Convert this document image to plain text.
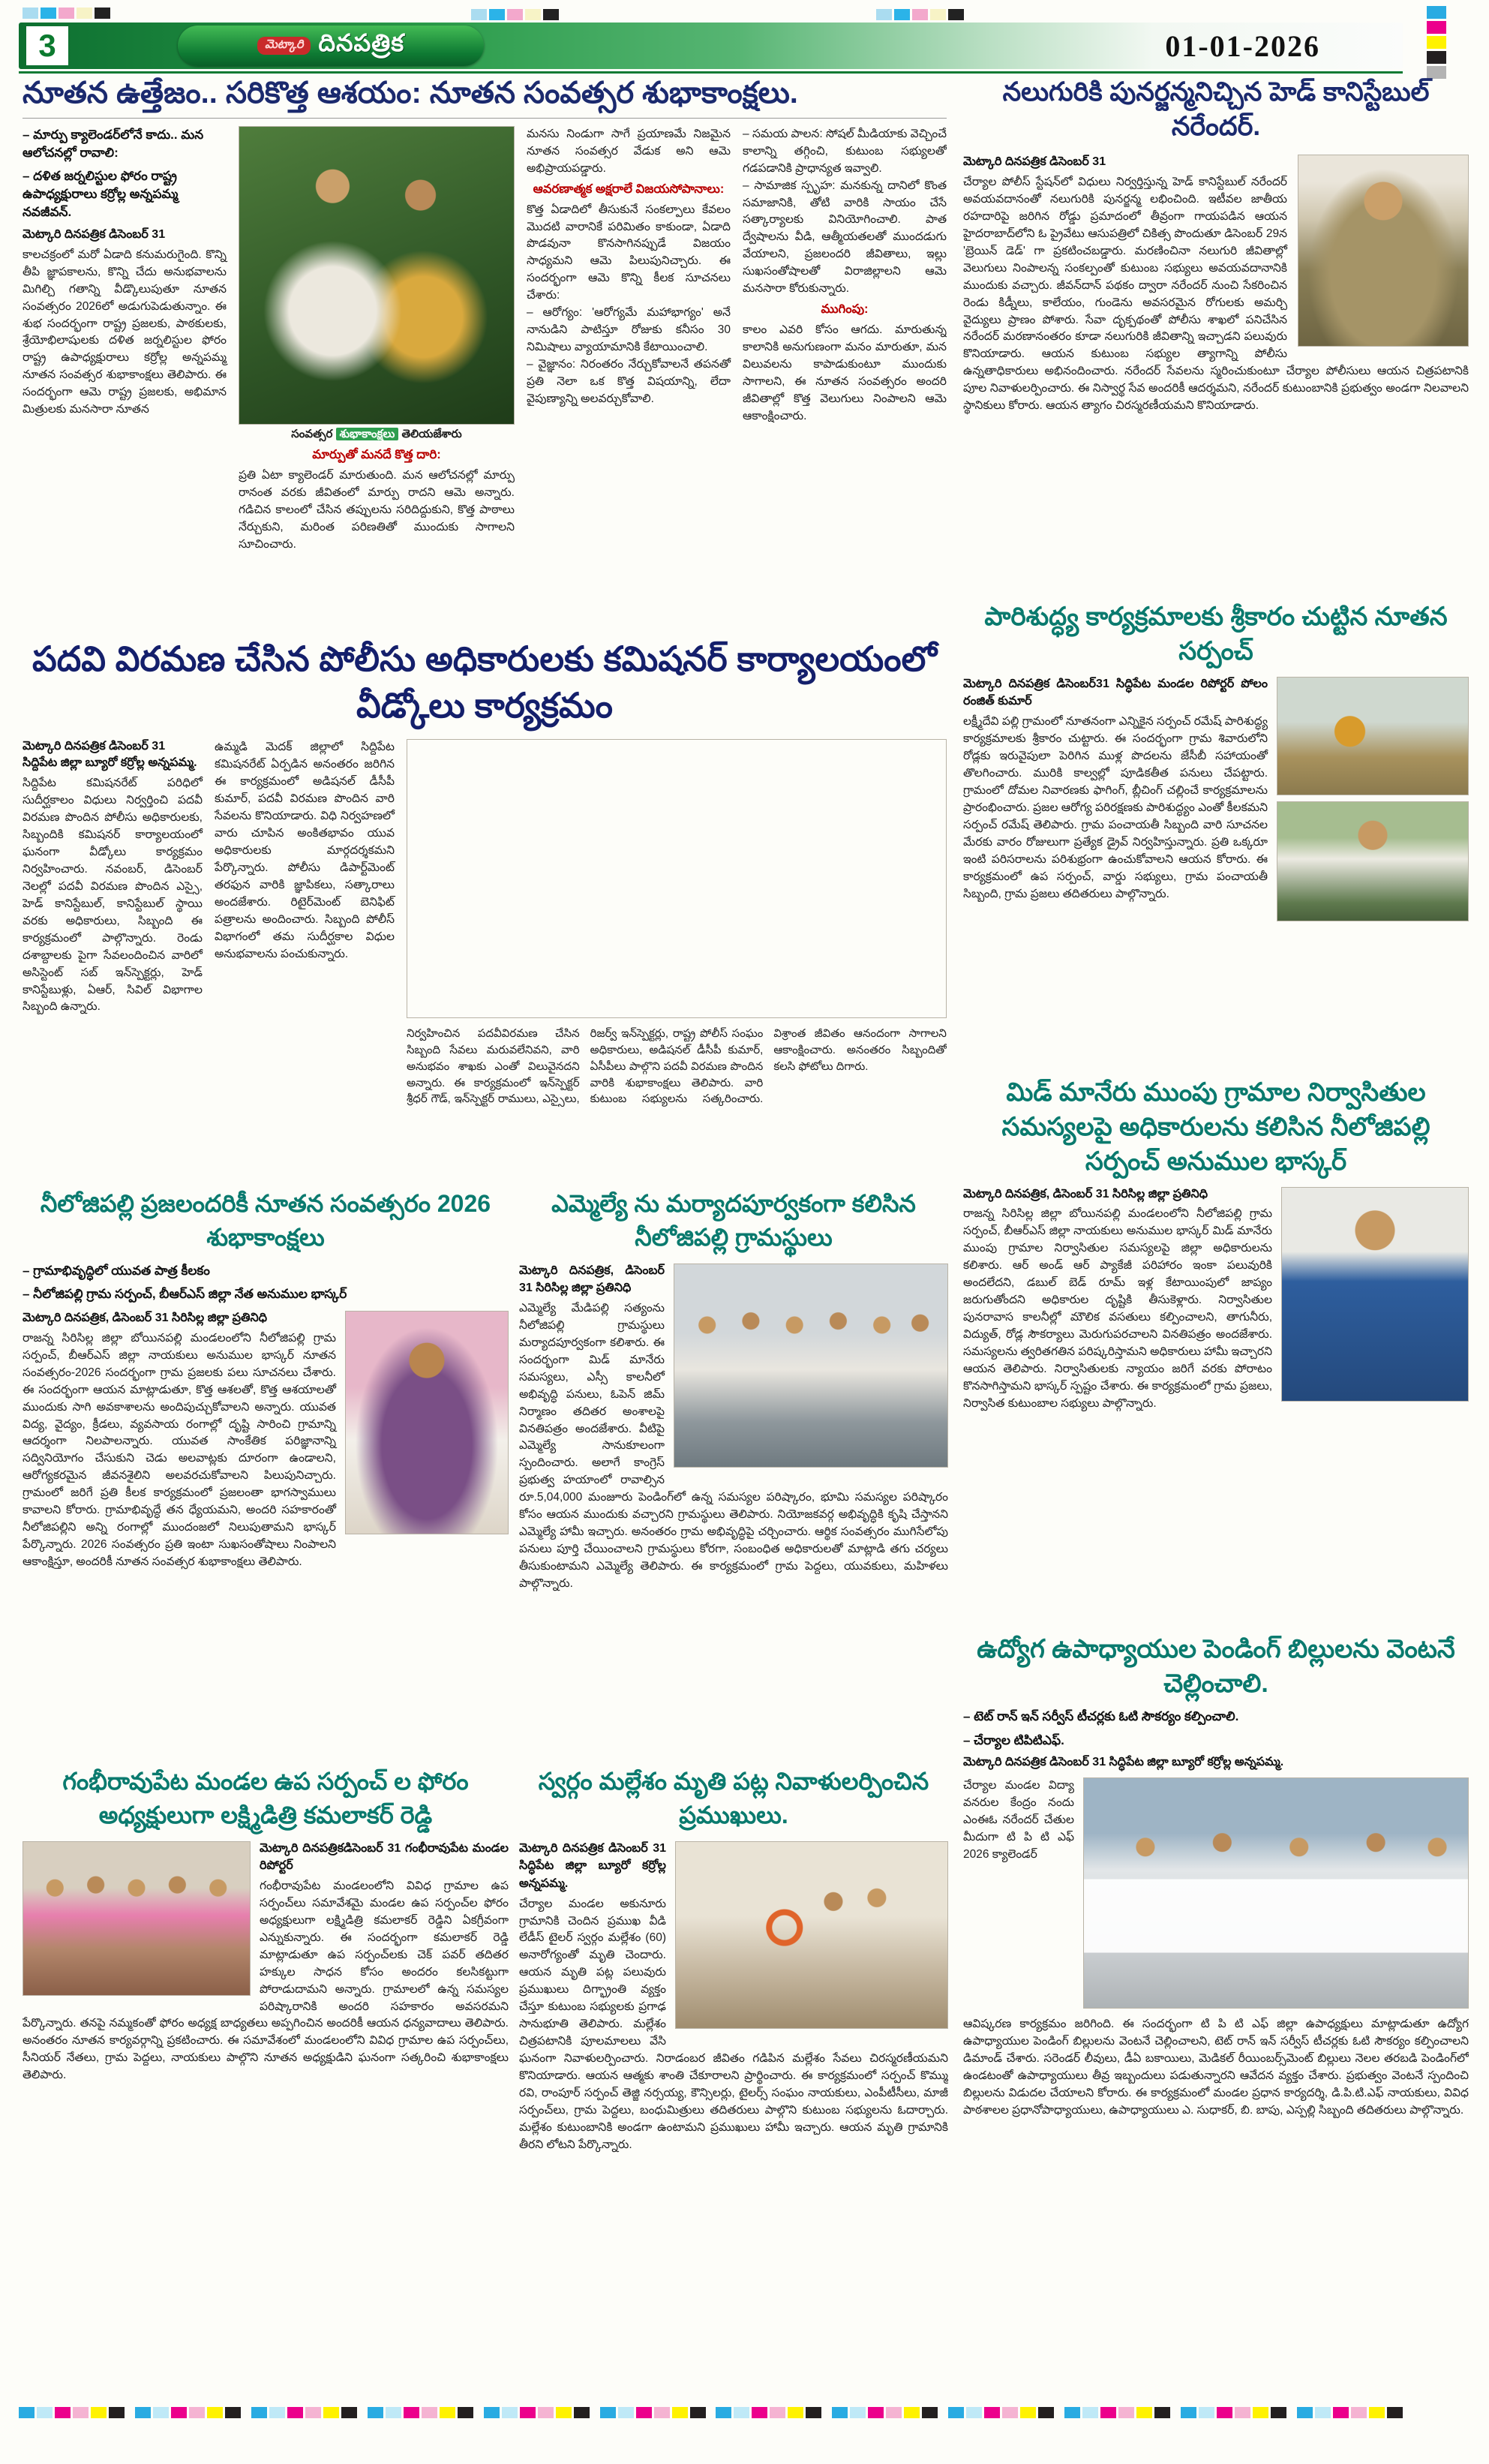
3	మెట్కారి దినపత్రిక	01-01-2026
నూతన ఉత్తేజం.. సరికొత్త ఆశయం: నూతన సంవత్సర శుభాకాంక్షలు.
– మార్పు క్యాలెండర్‌లోనే కాదు.. మన ఆలోచనల్లో రావాలి:
– దళిత జర్నలిస్టుల ఫోరం రాష్ట్ర ఉపాధ్యక్షురాలు కర్రోల్ల అన్నపమ్మ నవజీవన్.
మెట్కారి దినపత్రిక డిసెంబర్ 31

కాలచక్రంలో మరో ఏడాది కనుమరుగైంది. కొన్ని తీపి జ్ఞాపకాలను, కొన్ని చేదు అనుభవాలను మిగిల్చి గతాన్ని వీడ్కొలుపుతూ నూతన సంవత్సరం 2026లో అడుగుపెడుతున్నాం. ఈ శుభ సందర్భంగా రాష్ట్ర ప్రజలకు, పాఠకులకు, శ్రేయోభిలాషులకు దళిత జర్నలిస్టుల ఫోరం రాష్ట్ర ఉపాధ్యక్షురాలు కర్రోల్ల అన్నపమ్మ నూతన సంవత్సర శుభాకాంక్షలు తెలిపారు. ఈ సందర్భంగా ఆమె రాష్ట్ర ప్రజలకు, అభిమాన మిత్రులకు మనసారా నూతన

సంవత్సర శుభాకాంక్షలు తెలియజేశారు
మార్పుతో మనదే కొత్త దారి:

ప్రతి ఏటా క్యాలెండర్ మారుతుంది. మన ఆలోచనల్లో మార్పు రానంత వరకు జీవితంలో మార్పు రాదని ఆమె అన్నారు. గడిచిన కాలంలో చేసిన తప్పులను సరిదిద్దుకుని, కొత్త పాఠాలు నేర్చుకుని, మరింత పరిణతితో ముందుకు సాగాలని సూచించారు.

మనసు నిండుగా సాగే ప్రయాణమే నిజమైన నూతన సంవత్సర వేడుక అని ఆమె అభిప్రాయపడ్డారు.

ఆవరణాత్మక అక్షరాలే విజయసోపానాలు:

కొత్త ఏడాదిలో తీసుకునే సంకల్పాలు కేవలం మొదటి వారానికే పరిమితం కాకుండా, ఏడాది పొడవునా కొనసాగినప్పుడే విజయం సాధ్యమని ఆమె పిలుపునిచ్చారు. ఈ సందర్భంగా ఆమె కొన్ని కీలక సూచనలు చేశారు:

– ఆరోగ్యం: 'ఆరోగ్యమే మహాభాగ్యం' అనే నానుడిని పాటిస్తూ రోజుకు కనీసం 30 నిమిషాలు వ్యాయామానికి కేటాయించాలి.

– వైజ్ఞానం: నిరంతరం నేర్చుకోవాలనే తపనతో ప్రతి నెలా ఒక కొత్త విషయాన్ని, లేదా వైపుణ్యాన్ని అలవర్చుకోవాలి.

– సమయ పాలన: సోషల్ మీడియాకు వెచ్చించే కాలాన్ని తగ్గించి, కుటుంబ సభ్యులతో గడపడానికి ప్రాధాన్యత ఇవ్వాలి.

– సామాజిక స్పృహ: మనకున్న దానిలో కొంత సమాజానికి, తోటి వారికి సాయం చేసే సత్కార్యాలకు వినియోగించాలి. పాత ద్వేషాలను వీడి, ఆత్మీయతలతో ముందడుగు వేయాలని, ప్రజలందరి జీవితాలు, ఇల్లు సుఖసంతోషాలతో విరాజిల్లాలని ఆమె మనసారా కోరుకున్నారు.

ముగింపు:

కాలం ఎవరి కోసం ఆగదు. మారుతున్న కాలానికి అనుగుణంగా మనం మారుతూ, మన విలువలను కాపాడుకుంటూ ముందుకు సాగాలని, ఈ నూతన సంవత్సరం అందరి జీవితాల్లో కొత్త వెలుగులు నింపాలని ఆమె ఆకాంక్షించారు.

నలుగురికి పునర్జన్మనిచ్చిన హెడ్ కానిస్టేబుల్ నరేందర్.
మెట్కారి దినపత్రిక డిసెంబర్ 31

చేర్యాల పోలీస్ స్టేషన్‌లో విధులు నిర్వర్తిస్తున్న హెడ్ కానిస్టేబుల్ నరేందర్ అవయవదానంతో నలుగురికి పునర్జన్మ లభించింది. ఇటీవల జాతీయ రహదారిపై జరిగిన రోడ్డు ప్రమాదంలో తీవ్రంగా గాయపడిన ఆయన హైదరాబాద్‌లోని ఓ ప్రైవేటు ఆసుపత్రిలో చికిత్స పొందుతూ డిసెంబర్ 29న 'బ్రెయిన్ డెడ్' గా ప్రకటించబడ్డారు. మరణించినా నలుగురి జీవితాల్లో వెలుగులు నింపాలన్న సంకల్పంతో కుటుంబ సభ్యులు అవయవదానానికి ముందుకు వచ్చారు. జీవన్‌దాన్ పథకం ద్వారా నరేందర్ నుంచి సేకరించిన రెండు కిడ్నీలు, కాలేయం, గుండెను అవసరమైన రోగులకు అమర్చి వైద్యులు ప్రాణం పోశారు. సేవా దృక్పథంతో పోలీసు శాఖలో పనిచేసిన నరేందర్ మరణానంతరం కూడా నలుగురికి జీవితాన్ని ఇచ్చాడని పలువురు కొనియాడారు. ఆయన కుటుంబ సభ్యుల త్యాగాన్ని పోలీసు ఉన్నతాధికారులు అభినందించారు. నరేందర్ సేవలను స్మరించుకుంటూ చేర్యాల పోలీసులు ఆయన చిత్రపటానికి పూల నివాళులర్పించారు. ఈ నిస్వార్థ సేవ అందరికీ ఆదర్శమని, నరేందర్ కుటుంబానికి ప్రభుత్వం అండగా నిలవాలని స్థానికులు కోరారు. ఆయన త్యాగం చిరస్మరణీయమని కొనియాడారు.

పదవి విరమణ చేసిన పోలీసు అధికారులకు కమిషనర్ కార్యాలయంలో వీడ్కోలు కార్యక్రమం
మెట్కారి దినపత్రిక డిసెంబర్ 31 సిద్దిపేట జిల్లా బ్యూరో కర్రోల్ల అన్నపమ్మ.

సిద్దిపేట కమిషనరేట్ పరిధిలో సుదీర్ఘకాలం విధులు నిర్వర్తించి పదవీ విరమణ పొందిన పోలీసు అధికారులకు, సిబ్బందికి కమిషనర్ కార్యాలయంలో ఘనంగా వీడ్కోలు కార్యక్రమం నిర్వహించారు. నవంబర్, డిసెంబర్ నెలల్లో పదవీ విరమణ పొందిన ఎస్సై, హెడ్ కానిస్టేబుల్, కానిస్టేబుల్ స్థాయి వరకు అధికారులు, సిబ్బంది ఈ కార్యక్రమంలో పాల్గొన్నారు. రెండు దశాబ్దాలకు పైగా సేవలందించిన వారిలో అసిస్టెంట్ సబ్ ఇన్‌స్పెక్టర్లు, హెడ్ కానిస్టేబుళ్లు, ఏఆర్, సివిల్ విభాగాల సిబ్బంది ఉన్నారు.

ఉమ్మడి మెదక్ జిల్లాలో సిద్దిపేట కమిషనరేట్ ఏర్పడిన అనంతరం జరిగిన ఈ కార్యక్రమంలో అడిషనల్ డీసీపీ కుమార్, పదవీ విరమణ పొందిన వారి సేవలను కొనియాడారు. విధి నిర్వహణలో వారు చూపిన అంకితభావం యువ అధికారులకు మార్గదర్శకమని పేర్కొన్నారు. పోలీసు డిపార్ట్‌మెంట్ తరఫున వారికి జ్ఞాపికలు, సత్కారాలు అందజేశారు. రిటైర్‌మెంట్ బెనిఫిట్ పత్రాలను అందించారు. సిబ్బంది పోలీస్ విభాగంలో తమ సుదీర్ఘకాల విధుల అనుభవాలను పంచుకున్నారు.

నిర్వహించిన పదవీవిరమణ చేసిన సిబ్బంది సేవలు మరువలేనివని, వారి అనుభవం శాఖకు ఎంతో విలువైనదని అన్నారు. ఈ కార్యక్రమంలో ఇన్‌స్పెక్టర్ శ్రీధర్ గౌడ్, ఇన్‌స్పెక్టర్ రాములు, ఎస్సైలు, రిజర్వ్ ఇన్‌స్పెక్టర్లు, రాష్ట్ర పోలీస్ సంఘం అధికారులు, అడిషనల్ డీసీపీ కుమార్, ఏసీపీలు పాల్గొని పదవీ విరమణ పొందిన వారికి శుభాకాంక్షలు తెలిపారు. వారి కుటుంబ సభ్యులను సత్కరించారు. విశ్రాంత జీవితం ఆనందంగా సాగాలని ఆకాంక్షించారు. అనంతరం సిబ్బందితో కలసి ఫోటోలు దిగారు.
పారిశుద్ధ్య కార్యక్రమాలకు శ్రీకారం చుట్టిన నూతన సర్పంచ్
మెట్కారి దినపత్రిక డిసెంబర్31 సిద్ధిపేట మండల రిపోర్టర్ పోలం రంజిత్ కుమార్

లక్ష్మీదేవి పల్లి గ్రామంలో నూతనంగా ఎన్నికైన సర్పంచ్ రమేష్ పారిశుద్ధ్య కార్యక్రమాలకు శ్రీకారం చుట్టారు. ఈ సందర్భంగా గ్రామ శివారులోని రోడ్లకు ఇరువైపులా పెరిగిన ముళ్ల పొదలను జేసీబీ సహాయంతో తొలగించారు. మురికి కాల్వల్లో పూడికతీత పనులు చేపట్టారు. గ్రామంలో దోమల నివారణకు ఫాగింగ్, బ్లీచింగ్ చల్లించే కార్యక్రమాలను ప్రారంభించారు. ప్రజల ఆరోగ్య పరిరక్షణకు పారిశుద్ధ్యం ఎంతో కీలకమని సర్పంచ్ రమేష్ తెలిపారు. గ్రామ పంచాయతీ సిబ్బంది వారి సూచనల మేరకు వారం రోజులుగా ప్రత్యేక డ్రైవ్ నిర్వహిస్తున్నారు. ప్రతి ఒక్కరూ ఇంటి పరిసరాలను పరిశుభ్రంగా ఉంచుకోవాలని ఆయన కోరారు. ఈ కార్యక్రమంలో ఉప సర్పంచ్, వార్డు సభ్యులు, గ్రామ పంచాయతీ సిబ్బంది, గ్రామ ప్రజలు తదితరులు పాల్గొన్నారు.

మిడ్ మానేరు ముంపు గ్రామాల నిర్వాసితుల సమస్యలపై అధికారులను కలిసిన నీలోజిపల్లి సర్పంచ్ అనుముల భాస్కర్
మెట్కారి దినపత్రిక, డిసెంబర్ 31 సిరిసిల్ల జిల్లా ప్రతినిధి

రాజన్న సిరిసిల్ల జిల్లా బోయినపల్లి మండలంలోని నీలోజిపల్లి గ్రామ సర్పంచ్, బీఆర్ఎస్ జిల్లా నాయకులు అనుముల భాస్కర్ మిడ్ మానేరు ముంపు గ్రామాల నిర్వాసితుల సమస్యలపై జిల్లా అధికారులను కలిశారు. ఆర్ అండ్ ఆర్ ప్యాకేజీ పరిహారం ఇంకా పలువురికి అందలేదని, డబుల్ బెడ్ రూమ్ ఇళ్ల కేటాయింపులో జాప్యం జరుగుతోందని అధికారుల దృష్టికి తీసుకెళ్లారు. నిర్వాసితుల పునరావాస కాలనీల్లో మౌలిక వసతులు కల్పించాలని, తాగునీరు, విద్యుత్, రోడ్ల సౌకర్యాలు మెరుగుపరచాలని వినతిపత్రం అందజేశారు. సమస్యలను త్వరితగతిన పరిష్కరిస్తామని అధికారులు హామీ ఇచ్చారని ఆయన తెలిపారు. నిర్వాసితులకు న్యాయం జరిగే వరకు పోరాటం కొనసాగిస్తామని భాస్కర్ స్పష్టం చేశారు. ఈ కార్యక్రమంలో గ్రామ ప్రజలు, నిర్వాసిత కుటుంబాల సభ్యులు పాల్గొన్నారు.

నీలోజిపల్లి ప్రజలందరికీ నూతన సంవత్సరం 2026 శుభాకాంక్షలు
– గ్రామాభివృద్ధిలో యువత పాత్ర కీలకం
– నీలోజిపల్లి గ్రామ సర్పంచ్, బీఆర్ఎస్ జిల్లా నేత అనుముల భాస్కర్
మెట్కారి దినపత్రిక, డిసెంబర్ 31 సిరిసిల్ల జిల్లా ప్రతినిధి

రాజన్న సిరిసిల్ల జిల్లా బోయినపల్లి మండలంలోని నీలోజిపల్లి గ్రామ సర్పంచ్, బీఆర్ఎస్ జిల్లా నాయకులు అనుముల భాస్కర్ నూతన సంవత్సరం-2026 సందర్భంగా గ్రామ ప్రజలకు పలు సూచనలు చేశారు. ఈ సందర్భంగా ఆయన మాట్లాడుతూ, కొత్త ఆశలతో, కొత్త ఆశయాలతో ముందుకు సాగి అవకాశాలను అందిపుచ్చుకోవాలని అన్నారు. యువత విద్య, వైద్యం, క్రీడలు, వ్యవసాయ రంగాల్లో దృష్టి సారించి గ్రామాన్ని ఆదర్శంగా నిలపాలన్నారు. యువత సాంకేతిక పరిజ్ఞానాన్ని సద్వినియోగం చేసుకుని చెడు అలవాట్లకు దూరంగా ఉండాలని, ఆరోగ్యకరమైన జీవనశైలిని అలవరచుకోవాలని పిలుపునిచ్చారు. గ్రామంలో జరిగే ప్రతి కీలక కార్యక్రమంలో ప్రజలంతా భాగస్వాములు కావాలని కోరారు. గ్రామాభివృద్ధే తన ధ్యేయమని, అందరి సహకారంతో నీలోజిపల్లిని అన్ని రంగాల్లో ముందంజలో నిలుపుతామని భాస్కర్ పేర్కొన్నారు. 2026 సంవత్సరం ప్రతి ఇంటా సుఖసంతోషాలు నింపాలని ఆకాంక్షిస్తూ, అందరికీ నూతన సంవత్సర శుభాకాంక్షలు తెలిపారు.

ఎమ్మెల్యే ను మర్యాదపూర్వకంగా కలిసిన నీలోజిపల్లి గ్రామస్థులు
మెట్కారి దినపత్రిక, డిసెంబర్ 31 సిరిసిల్ల జిల్లా ప్రతినిధి

ఎమ్మెల్యే మేడిపల్లి సత్యంను నీలోజిపల్లి గ్రామస్థులు మర్యాదపూర్వకంగా కలిశారు. ఈ సందర్భంగా మిడ్ మానేరు సమస్యలు, ఎస్సీ కాలనీలో అభివృద్ధి పనులు, ఓపెన్ జిమ్ నిర్మాణం తదితర అంశాలపై వినతిపత్రం అందజేశారు. వీటిపై ఎమ్మెల్యే సానుకూలంగా స్పందించారు. అలాగే కాంగ్రెస్ ప్రభుత్వ హయాంలో రావాల్సిన రూ.5,04,000 మంజూరు పెండింగ్‌లో ఉన్న సమస్యల పరిష్కారం, భూమి సమస్యల పరిష్కారం కోసం ఆయన ముందుకు వచ్చారని గ్రామస్థులు తెలిపారు. నియోజకవర్గ అభివృద్ధికి కృషి చేస్తానని ఎమ్మెల్యే హామీ ఇచ్చారు. అనంతరం గ్రామ అభివృద్ధిపై చర్చించారు. ఆర్థిక సంవత్సరం ముగిసేలోపు పనులు పూర్తి చేయించాలని గ్రామస్థులు కోరగా, సంబంధిత అధికారులతో మాట్లాడి తగు చర్యలు తీసుకుంటామని ఎమ్మెల్యే తెలిపారు. ఈ కార్యక్రమంలో గ్రామ పెద్దలు, యువకులు, మహిళలు పాల్గొన్నారు.

గంభీరావుపేట మండల ఉప సర్పంచ్ ల ఫోరం అధ్యక్షులుగా లక్ష్మిడిత్రి కమలాకర్ రెడ్డి
మెట్కారి దినపత్రికడిసెంబర్ 31 గంభీరావుపేట మండల రిపోర్టర్

గంభీరావుపేట మండలంలోని వివిధ గ్రామాల ఉప సర్పంచ్‌లు సమావేశమై మండల ఉప సర్పంచ్‌ల ఫోరం అధ్యక్షులుగా లక్ష్మిడిత్రి కమలాకర్ రెడ్డిని ఏకగ్రీవంగా ఎన్నుకున్నారు. ఈ సందర్భంగా కమలాకర్ రెడ్డి మాట్లాడుతూ ఉప సర్పంచ్‌లకు చెక్ పవర్ తదితర హక్కుల సాధన కోసం అందరం కలసికట్టుగా పోరాడుదామని అన్నారు. గ్రామాలలో ఉన్న సమస్యల పరిష్కారానికి అందరి సహకారం అవసరమని పేర్కొన్నారు. తనపై నమ్మకంతో ఫోరం అధ్యక్ష బాధ్యతలు అప్పగించిన అందరికీ ఆయన ధన్యవాదాలు తెలిపారు. అనంతరం నూతన కార్యవర్గాన్ని ప్రకటించారు. ఈ సమావేశంలో మండలంలోని వివిధ గ్రామాల ఉప సర్పంచ్‌లు, సీనియర్ నేతలు, గ్రామ పెద్దలు, నాయకులు పాల్గొని నూతన అధ్యక్షుడిని ఘనంగా సత్కరించి శుభాకాంక్షలు తెలిపారు.

స్వర్గం మల్లేశం మృతి పట్ల నివాళులర్పించిన ప్రముఖులు.
మెట్కారి దినపత్రిక డిసెంబర్ 31 సిద్ధిపేట జిల్లా బ్యూరో కర్రోల్ల అన్నపమ్మ.

చేర్యాల మండల అకునూరు గ్రామానికి చెందిన ప్రముఖ వీడి లేడీస్ టైలర్ స్వర్గం మల్లేశం (60) అనారోగ్యంతో మృతి చెందారు. ఆయన మృతి పట్ల పలువురు ప్రముఖులు దిగ్భ్రాంతి వ్యక్తం చేస్తూ కుటుంబ సభ్యులకు ప్రగాఢ సానుభూతి తెలిపారు. మల్లేశం చిత్రపటానికి పూలమాలలు వేసి ఘనంగా నివాళులర్పించారు. నిరాడంబర జీవితం గడిపిన మల్లేశం సేవలు చిరస్మరణీయమని కొనియాడారు. ఆయన ఆత్మకు శాంతి చేకూరాలని ప్రార్థించారు. ఈ కార్యక్రమంలో సర్పంచ్ కొమ్ము రవి, రాంపూర్ సర్పంచ్ తెజ్జి నర్సయ్య, కౌన్సిలర్లు, టైలర్స్ సంఘం నాయకులు, ఎంపీటీసీలు, మాజీ సర్పంచ్‌లు, గ్రామ పెద్దలు, బంధుమిత్రులు తదితరులు పాల్గొని కుటుంబ సభ్యులను ఓదార్చారు. మల్లేశం కుటుంబానికి అండగా ఉంటామని ప్రముఖులు హామీ ఇచ్చారు. ఆయన మృతి గ్రామానికి తీరని లోటని పేర్కొన్నారు.

ఉద్యోగ ఉపాధ్యాయుల పెండింగ్ బిల్లులను వెంటనే చెల్లించాలి.
– టెట్ రాన్ ఇన్ సర్వీస్ టీచర్లకు ఓటి సౌకర్యం కల్పించాలి.
– చేర్యాల టిపిటిఎఫ్.
మెట్కారి దినపత్రిక డిసెంబర్ 31 సిద్ధిపేట జిల్లా బ్యూరో కర్రోల్ల అన్నపమ్మ.

చేర్యాల మండల విద్యా వనరుల కేంద్రం నందు ఎంఈఓ నరేందర్ చేతుల మీదుగా టి పి టి ఎఫ్ 2026 క్యాలెండర్

ఆవిష్కరణ కార్యక్రమం జరిగింది. ఈ సందర్భంగా టి పి టి ఎఫ్ జిల్లా ఉపాధ్యక్షులు మాట్లాడుతూ ఉద్యోగ ఉపాధ్యాయుల పెండింగ్ బిల్లులను వెంటనే చెల్లించాలని, టెట్ రాన్ ఇన్ సర్వీస్ టీచర్లకు ఓటి సౌకర్యం కల్పించాలని డిమాండ్ చేశారు. సరెండర్ లీవులు, డీఏ బకాయిలు, మెడికల్ రీయింబర్స్‌మెంట్ బిల్లులు నెలల తరబడి పెండింగ్‌లో ఉండటంతో ఉపాధ్యాయులు తీవ్ర ఇబ్బందులు పడుతున్నారని ఆవేదన వ్యక్తం చేశారు. ప్రభుత్వం వెంటనే స్పందించి బిల్లులను విడుదల చేయాలని కోరారు. ఈ కార్యక్రమంలో మండల ప్రధాన కార్యదర్శి, డి.పి.టి.ఎఫ్ నాయకులు, వివిధ పాఠశాలల ప్రధానోపాధ్యాయులు, ఉపాధ్యాయులు ఎ. సుధాకర్, బి. బాపు, ఎస్పల్లి సిబ్బంది తదితరులు పాల్గొన్నారు.
